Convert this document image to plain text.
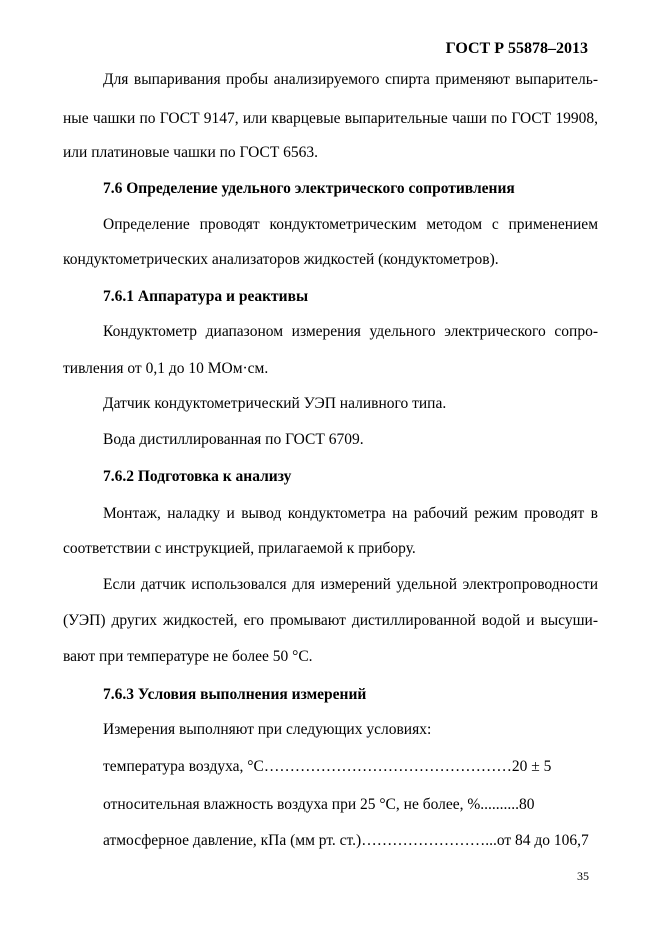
ГОСТ Р 55878–2013
Для выпаривания пробы анализируемого спирта применяют выпаритель-
ные чашки по ГОСТ 9147, или кварцевые выпарительные чаши по ГОСТ 19908,
или платиновые чашки по ГОСТ 6563.
7.6 Определение удельного электрического сопротивления
Определение проводят кондуктометрическим методом с применением
кондуктометрических анализаторов жидкостей (кондуктометров).
7.6.1 Аппаратура и реактивы
Кондуктометр диапазоном измерения удельного электрического сопро-
тивления от 0,1 до 10 МОм·см.
Датчик кондуктометрический УЭП наливного типа.
Вода дистиллированная по ГОСТ 6709.
7.6.2 Подготовка к анализу
Монтаж, наладку и вывод кондуктометра на рабочий режим проводят в
соответствии с инструкцией, прилагаемой к прибору.
Если датчик использовался для измерений удельной электропроводности
(УЭП) других жидкостей, его промывают дистиллированной водой и высуши-
вают при температуре не более 50 °С.
7.6.3 Условия выполнения измерений
Измерения выполняют при следующих условиях:
температура воздуха, °С…………………………………………20 ± 5
относительная влажность воздуха при 25 °С, не более, %..........80
атмосферное давление, кПа (мм рт. ст.)……………………...от 84 до 106,7
35
